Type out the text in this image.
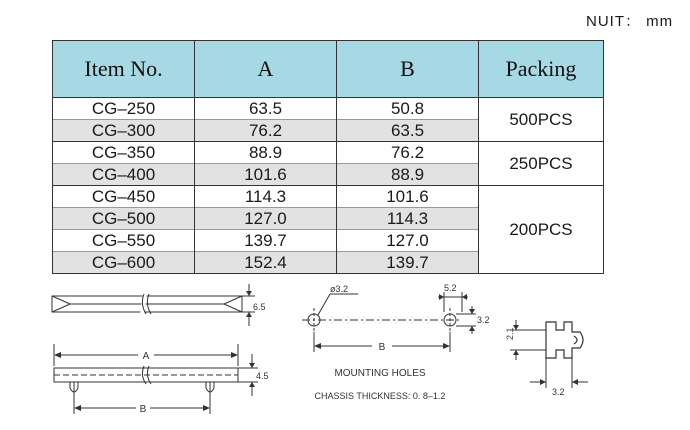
NUIT： mm
Item No.	A	B	Packing
CG–250	63.5	50.8	500PCS
CG–300	76.2	63.5	
CG–350	88.9	76.2	250PCS
CG–400	101.6	88.9	
CG–450	114.3	101.6	200PCS
CG–500	127.0	114.3	
CG–550	139.7	127.0	
CG–600	152.4	139.7	
6.5
A
B
4.5
ø3.2	5.2
3.2
B
MOUNTING HOLES
CHASSIS THICKNESS: 0. 8–1.2
2.1
3.2
